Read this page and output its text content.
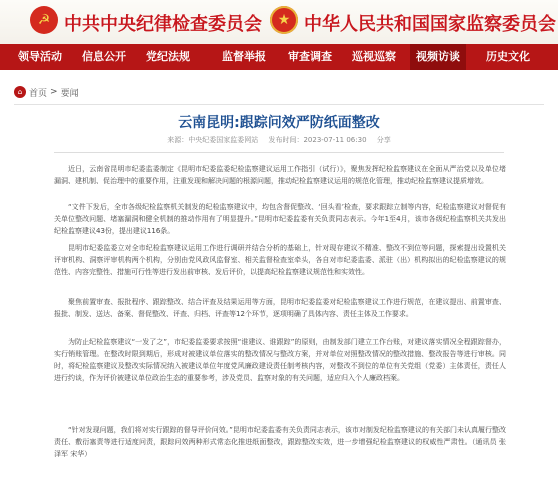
☭ 中共中央纪律检查委员会	★ 中华人民共和国国家监察委员会
领导活动 信息公开 党纪法规	监督举报 审查调查 巡视巡察	视频访谈	历史文化
⌂ 首页 > 要闻
云南昆明:跟踪问效严防纸面整改
来源：中央纪委国家监委网站 发布时间：2023-07-11 06:30 分享

近日，云南省昆明市纪委监委制定《昆明市纪委监委纪检监察建议运用工作指引（试行）》，聚焦发挥纪检监察建议在全面从严治党以及单位堵漏洞、建机制、促治理中的重要作用，注重发现和解决问题的根源问题，推动纪检监察建议运用的规范化管理，推动纪检监察建议提质增效。

“文件下发后，全市各级纪检监察机关制发的纪检监察建议中，均包含督促整改、‘回头看’检查，要求跟踪立制等内容，纪检监察建议对督促有关单位整改问题、堵塞漏洞和健全机制的推动作用有了明显提升。”昆明市纪委监委有关负责同志表示。今年1至4月，该市各级纪检监察机关共发出纪检监察建议43份，提出建议116条。

昆明市纪委监委立对全市纪检监察建议运用工作进行调研并结合分析的基础上，针对现存建议不精准、整改不到位等问题，探索提出设置机关评审机构、洞察评审机构两个机构，分别由党风政风监督室、相关监督检查室牵头，各自对市纪委监委、派驻（出）机构拟出的纪检监察建议的规范性、内容完整性、措施可行性等进行发出前审核、发后评价，以提高纪检监察建议规范性和实效性。

聚焦前置审查、报批程序、跟踪整改、结合评查及结果运用等方面，昆明市纪委监委对纪检监察建议工作进行规范，在建议提出、前置审查、报批、制发、送达、备案、督促整改、评查、归档、评查等12个环节，逐项明确了具体内容、责任主体及工作要求。

为防止纪检监察建议“一发了之”，市纪委监委要求按照“谁建议、谁跟踪”的原则，由制发部门建立工作台账，对建议落实情况全程跟踪督办，实行销账管理。在整改时限到期后，形成对被建议单位落实的整改情况与整改方案，并对单位对照整改情况的整改措施、整改报告等进行审核。同时，将纪检监察建议及整改实际情况纳入被建议单位年度党风廉政建设责任制考核内容，对整改不到位的单位有关党组（党委）主体责任，责任人进行约谈，作为评价被建议单位政治生态的重要参考，涉及党员、监察对象的有关问题，适应归入个人廉政档案。

“针对发现问题，我们将对实行跟踪的督导评价问效。”昆明市纪委监委有关负责同志表示，该市对制发纪检监察建议的有关部门未认真履行整改责任、敷衍塞责等进行适度问责，跟踪问效两种形式常态化推进纸面整改，跟踪整改实效，进一步增强纪检监察建议的权威性严肃性。（通讯员 张泽军 宋华）
